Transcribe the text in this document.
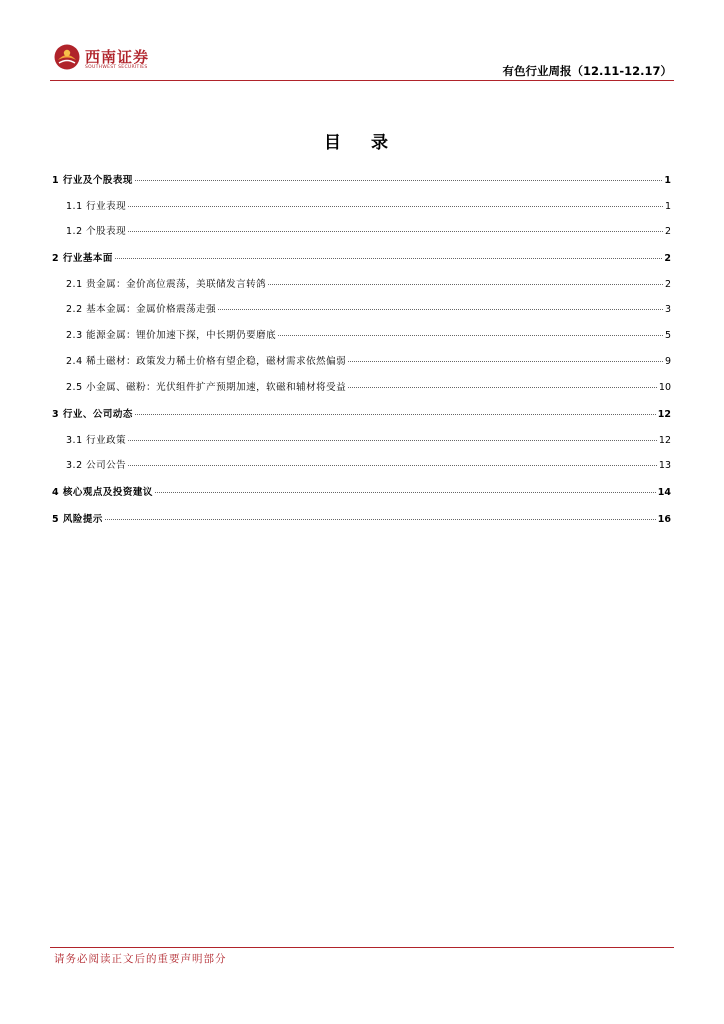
西南证券
SOUTHWEST SECURITIES	有色行业周报（12.11-12.17）
目 录
1 行业及个股表现	1
1.1 行业表现	1
1.2 个股表现	2
2 行业基本面	2
2.1 贵金属：金价高位震荡，美联储发言转鸽	2
2.2 基本金属：金属价格震荡走强	3
2.3 能源金属：锂价加速下探，中长期仍要磨底	5
2.4 稀土磁材：政策发力稀土价格有望企稳，磁材需求依然偏弱	9
2.5 小金属、磁粉：光伏组件扩产预期加速，软磁和辅材将受益	10
3 行业、公司动态	12
3.1 行业政策	12
3.2 公司公告	13
4 核心观点及投资建议	14
5 风险提示	16
请务必阅读正文后的重要声明部分
